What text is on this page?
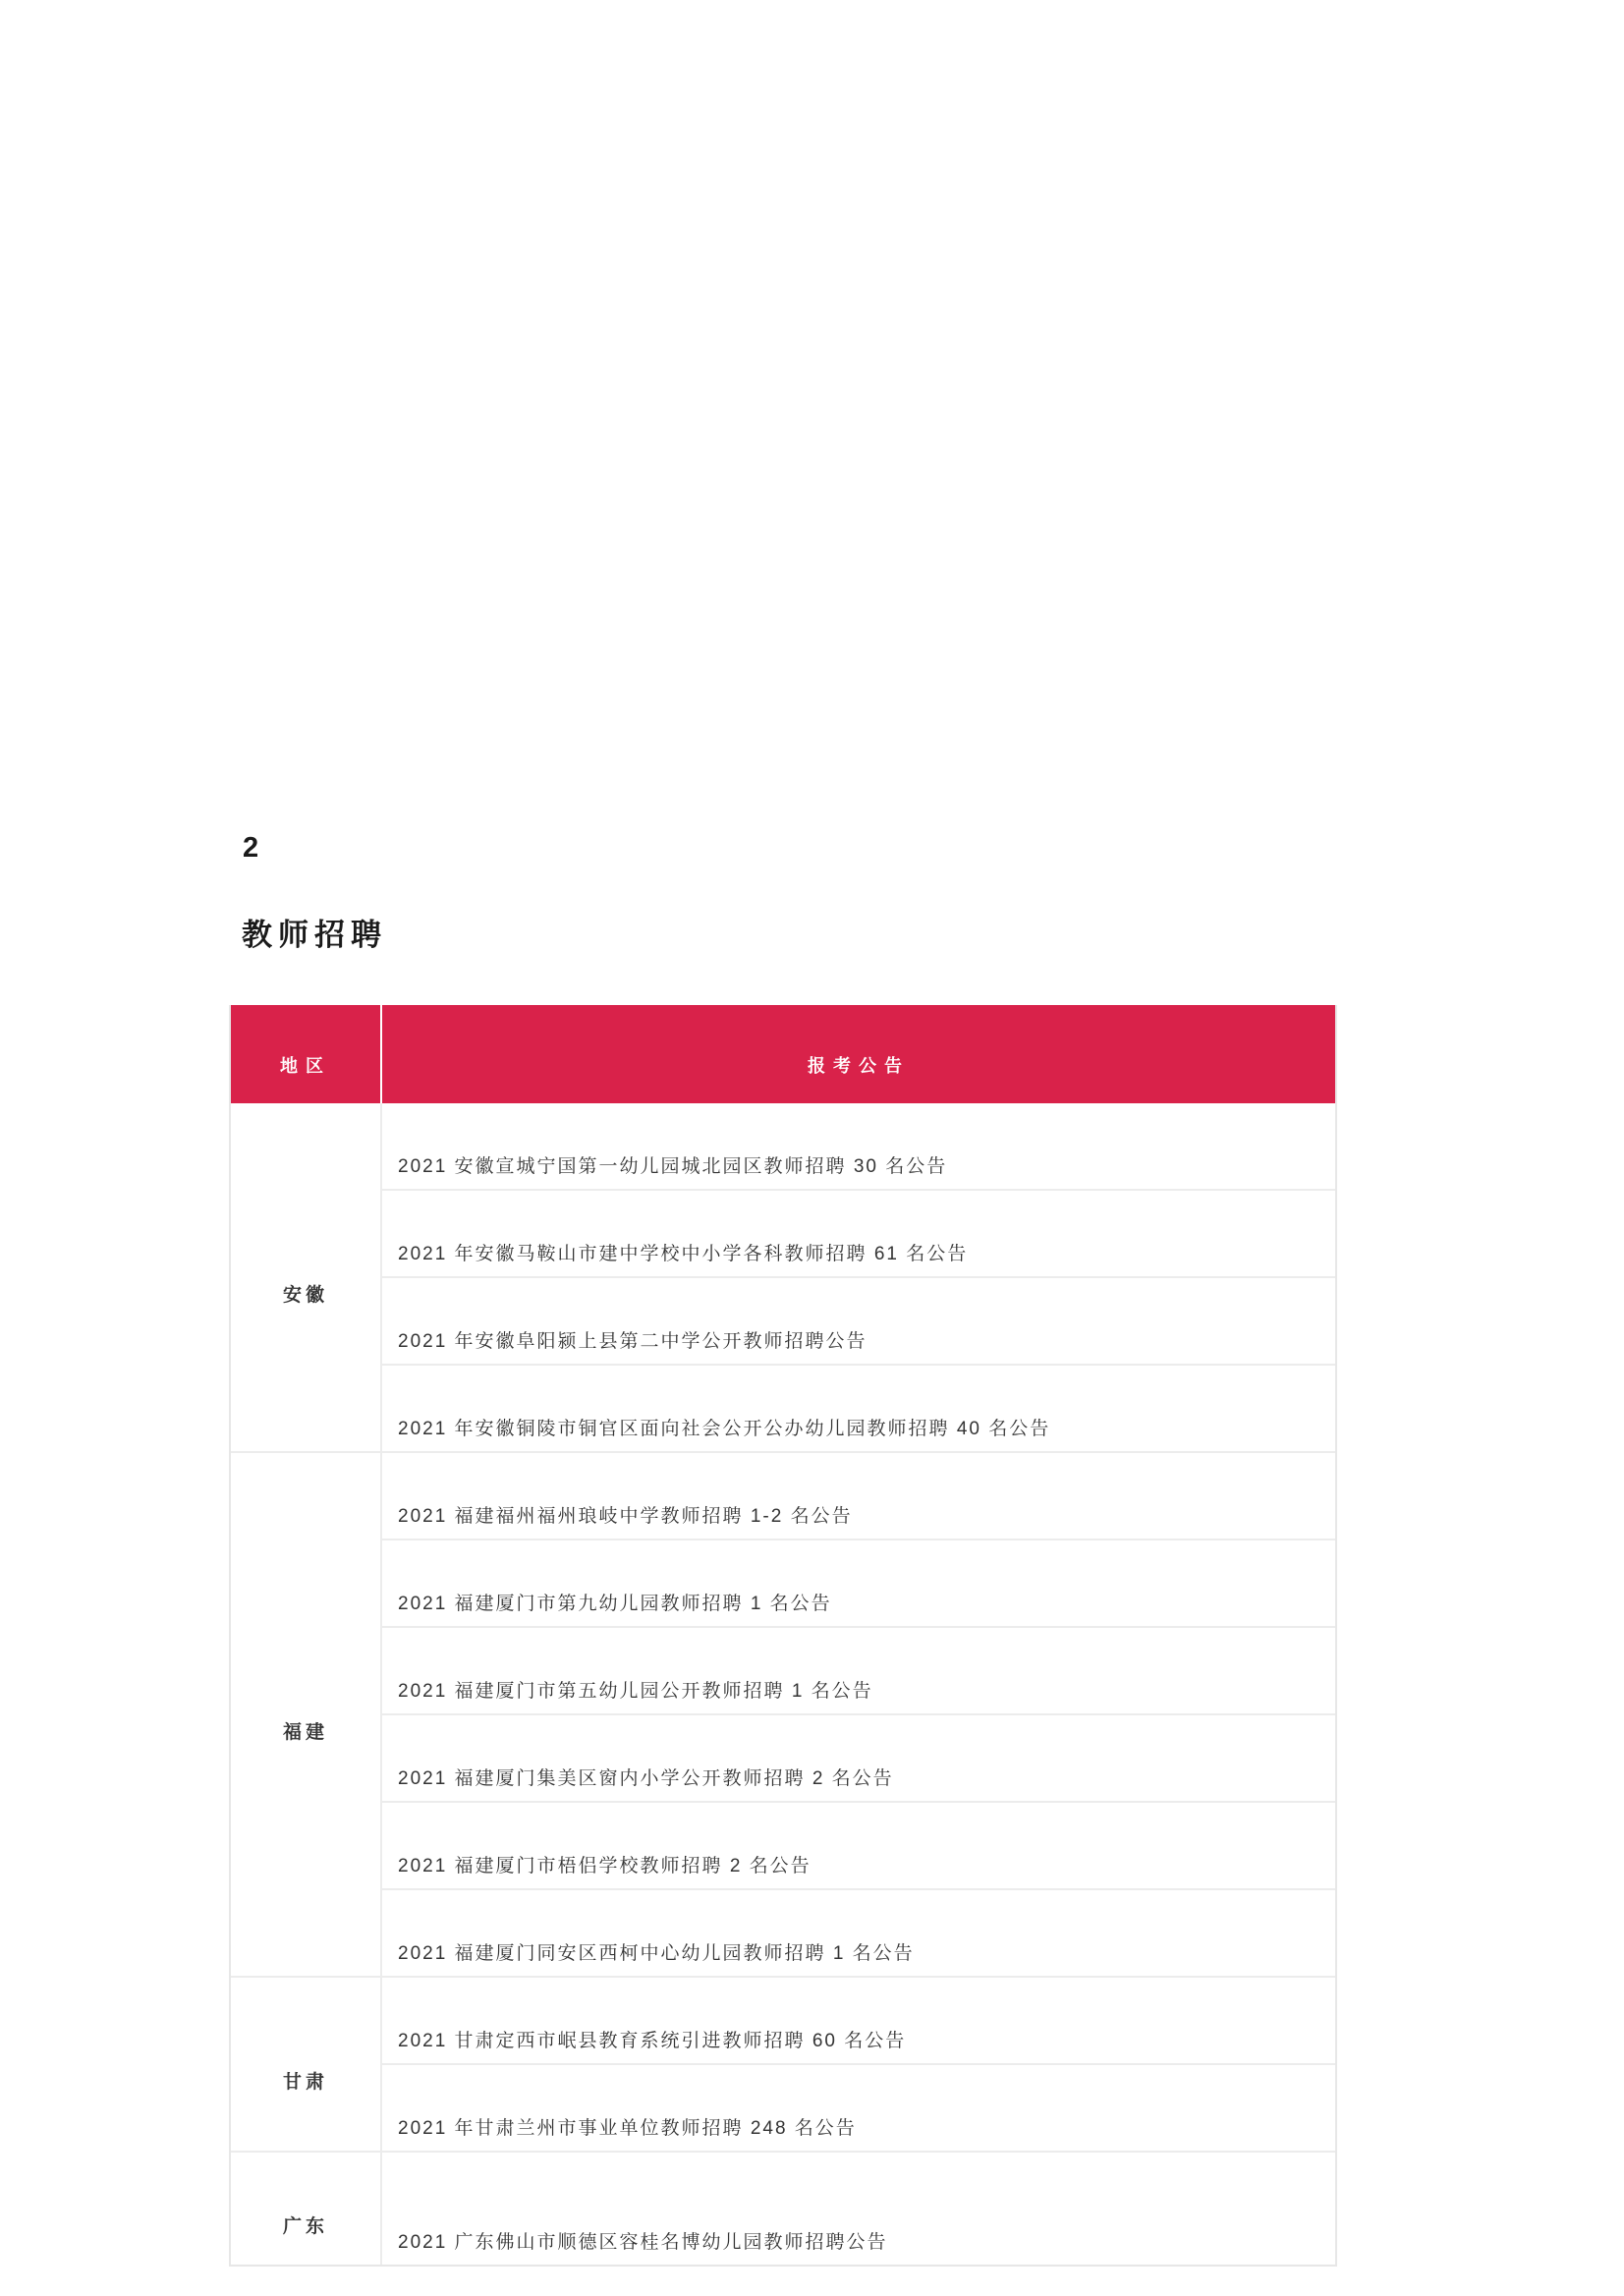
2
教师招聘
地区	报考公告
安徽	2021 安徽宣城宁国第一幼儿园城北园区教师招聘 30 名公告
	2021 年安徽马鞍山市建中学校中小学各科教师招聘 61 名公告
	2021 年安徽阜阳颍上县第二中学公开教师招聘公告
	2021 年安徽铜陵市铜官区面向社会公开公办幼儿园教师招聘 40 名公告
福建	2021 福建福州福州琅岐中学教师招聘 1-2 名公告
	2021 福建厦门市第九幼儿园教师招聘 1 名公告
	2021 福建厦门市第五幼儿园公开教师招聘 1 名公告
	2021 福建厦门集美区窗内小学公开教师招聘 2 名公告
	2021 福建厦门市梧侣学校教师招聘 2 名公告
	2021 福建厦门同安区西柯中心幼儿园教师招聘 1 名公告
甘肃	2021 甘肃定西市岷县教育系统引进教师招聘 60 名公告
	2021 年甘肃兰州市事业单位教师招聘 248 名公告
广东	2021 广东佛山市顺德区容桂名博幼儿园教师招聘公告
